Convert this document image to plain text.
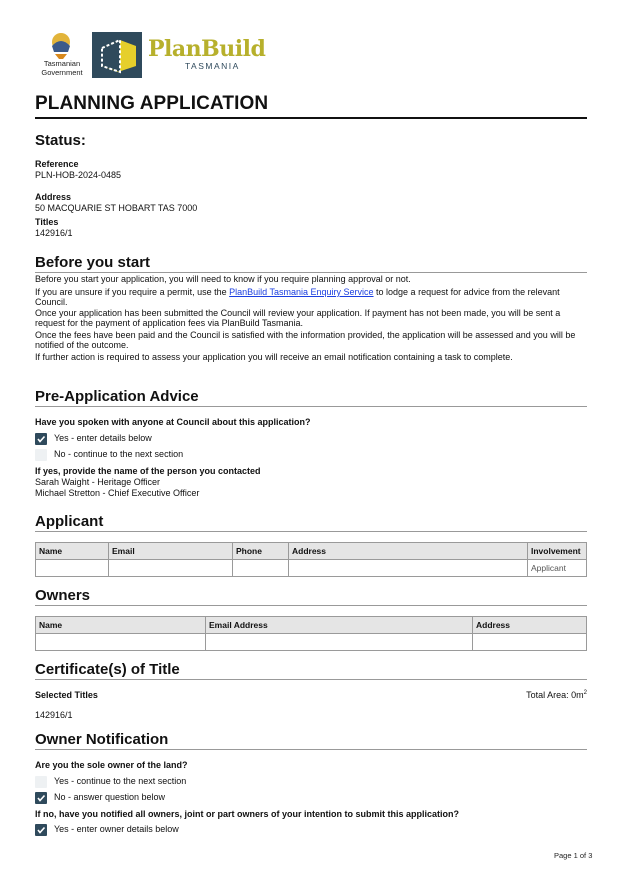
Tasmanian Government
PlanBuild
TASMANIA
PLANNING APPLICATION
Status:
Reference
PLN-HOB-2024-0485
Address
50 MACQUARIE ST HOBART TAS 7000
Titles
142916/1
Before you start
Before you start your application, you will need to know if you require planning approval or not.
If you are unsure if you require a permit, use the PlanBuild Tasmania Enquiry Service to lodge a request for advice from the relevant Council.
Once your application has been submitted the Council will review your application. If payment has not been made, you will be sent a request for the payment of application fees via PlanBuild Tasmania.
Once the fees have been paid and the Council is satisfied with the information provided, the application will be assessed and you will be notified of the outcome.
If further action is required to assess your application you will receive an email notification containing a task to complete.
Pre-Application Advice
Have you spoken with anyone at Council about this application?
Yes - enter details below
No - continue to the next section
If yes, provide the name of the person you contacted
Sarah Waight - Heritage Officer
Michael Stretton - Chief Executive Officer
Applicant
Name	Email	Phone	Address	Involvement
				Applicant
Owners
Name	Email Address	Address

Certificate(s) of Title
Selected Titles	Total Area: $0m^2$
142916/1
Owner Notification
Are you the sole owner of the land?
Yes - continue to the next section
No - answer question below
If no, have you notified all owners, joint or part owners of your intention to submit this application?
Yes - enter owner details below
Page 1 of 3
